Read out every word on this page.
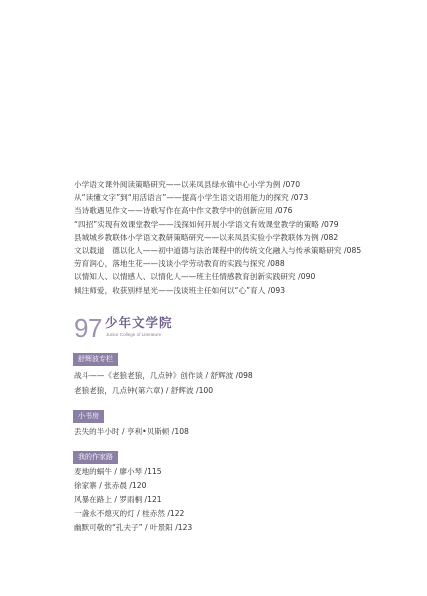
小学语文课外阅读策略研究——以来凤县绿水镇中心小学为例 /070
从“读懂文字”到“用活语言”——提高小学生语文语用能力的探究 /073
当诗歌遇见作文——诗歌写作在高中作文教学中的创新应用 /076
“四招”实现有效课堂教学——浅探如何开展小学语文有效课堂教学的策略 /079
县城城乡教联体小学语文教研策略研究——以来凤县实验小学教联体为例 /082
文以载道　德以化人——初中道德与法治课程中的传统文化融入与传承策略研究 /085
劳育润心，落地生花——浅谈小学劳动教育的实践与探究 /088
以情知人、以情感人、以情化人——班主任情感教育创新实践研究 /090
倾注师爱，收获别样星光——浅谈班主任如何以“心”育人 /093
97 少年文学院
Junior College of Literature
舒辉波专栏
战斗——《老狼老狼，几点钟》创作谈 / 舒辉波 /098
老狼老狼，几点钟(第六章) / 舒辉波 /100
小书房
丢失的半小时 / 亨利•贝斯顿 /108
我的作家路
麦地的蜗牛 / 廖小琴 /115
徐家寨 / 张赤晨 /120
风暴在路上 / 罗雨桐 /121
一盏永不熄灭的灯 / 桂赤然 /122
幽默可敬的“孔夫子” / 叶景阳 /123
